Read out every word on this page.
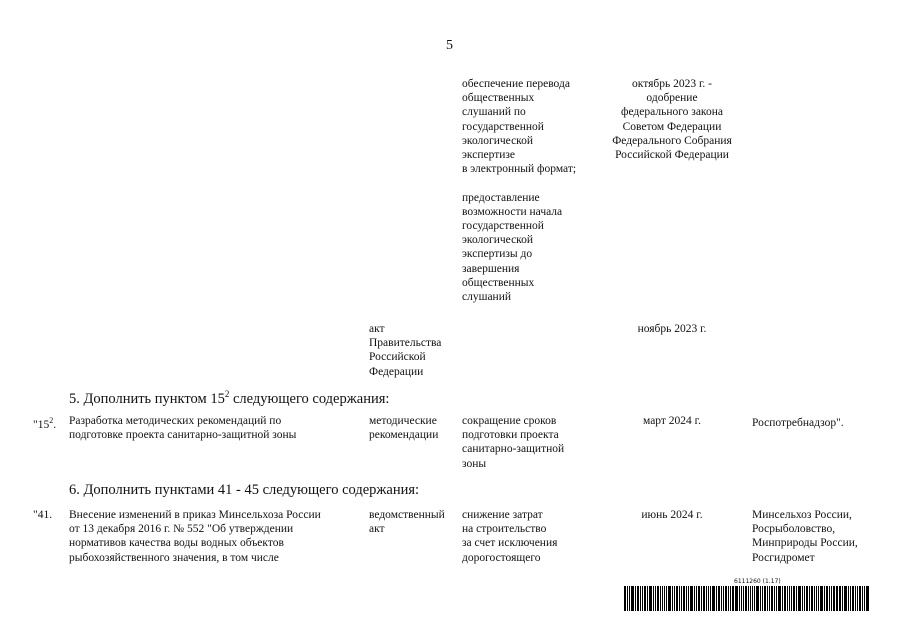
5
обеспечение перевода
общественных
слушаний по
государственной
экологической
экспертизе
в электронный формат;

предоставление
возможности начала
государственной
экологической
экспертизы до
завершения
общественных
слушаний
октябрь 2023 г. -
одобрение
федерального закона
Советом Федерации
Федерального Собрания
Российской Федерации
акт
Правительства
Российской
Федерации
ноябрь 2023 г.
5. Дополнить пунктом $15^2$ следующего содержания:
"$15^2$. Разработка методических рекомендаций по
подготовке проекта санитарно-защитной зоны
методические
рекомендации
сокращение сроков
подготовки проекта
санитарно-защитной
зоны
март 2024 г.	Роспотребнадзор".
6. Дополнить пунктами 41 - 45 следующего содержания:
"41. Внесение изменений в приказ Минсельхоза России
от 13 декабря 2016 г. № 552 "Об утверждении
нормативов качества воды водных объектов
рыбохозяйственного значения, в том числе
ведомственный
акт
снижение затрат
на строительство
за счет исключения
дорогостоящего
июнь 2024 г.	Минсельхоз России,
Росрыболовство,
Минприроды России,
Росгидромет
6111260 (1.17)
